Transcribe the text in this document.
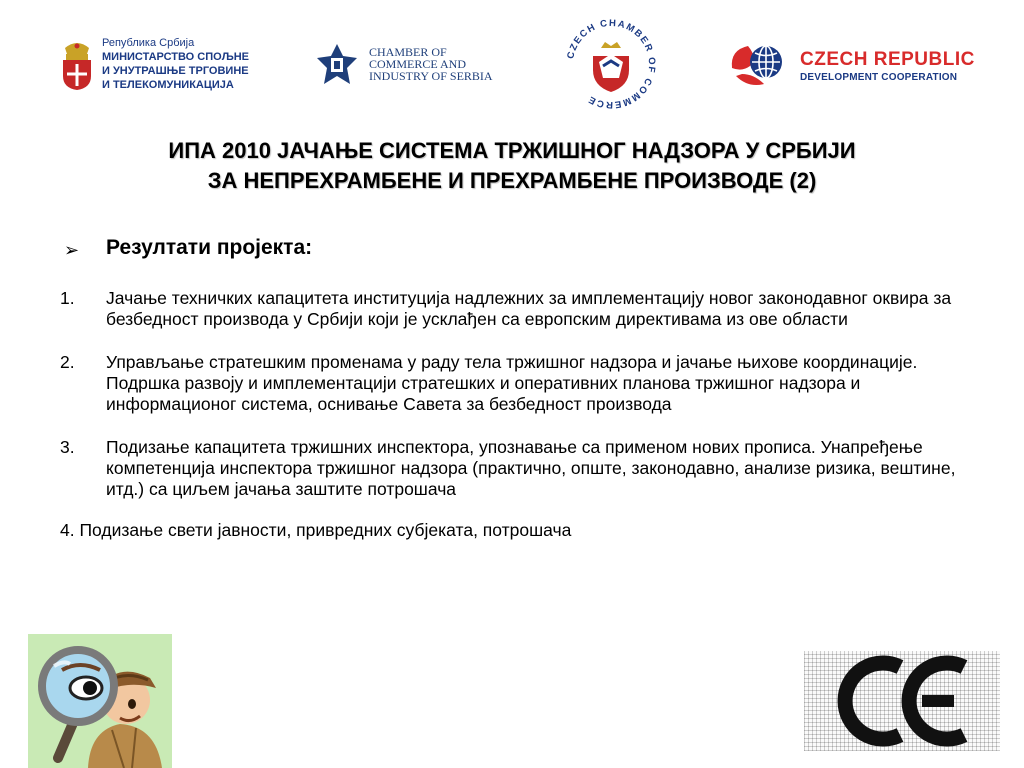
Република Србија
МИНИСТАРСТВО СПОЉНЕ
И УНУТРАШЊЕ ТРГОВИНЕ
И ТЕЛЕКОМУНИКАЦИЈА
CHAMBER OF
COMMERCE AND
INDUSTRY OF SERBIA
CZECH CHAMBER OF COMMERCE
CZECH REPUBLIC
DEVELOPMENT COOPERATION
ИПА 2010 ЈАЧАЊЕ СИСТЕМА ТРЖИШНОГ НАДЗОРА У СРБИЈИ
ЗА НЕПРЕХРАМБЕНЕ И ПРЕХРАМБЕНЕ ПРОИЗВОДЕ (2)
➢ Резултати пројекта:
1. Јачање техничких капацитета институција надлежних за имплементацију новог законодавног оквира за безбедност производа у Србији који је усклађен са европским директивама из ове области
2. Управљање стратешким променама у раду тела тржишног надзора и јачање њихове координације. Подршка развоју и имплементацији стратешких и оперативних планова тржишног надзора и информационог система, оснивање Савета за безбедност производа
3. Подизање капацитета тржишних инспектора, упознавање са применом нових прописа. Унапређење компетенција инспектора тржишног надзора (практично, опште, законодавно, анализе ризика, вештине, итд.) са циљем јачања заштите потрошача
4. Подизање свети јавности, привредних субјеката, потрошача
